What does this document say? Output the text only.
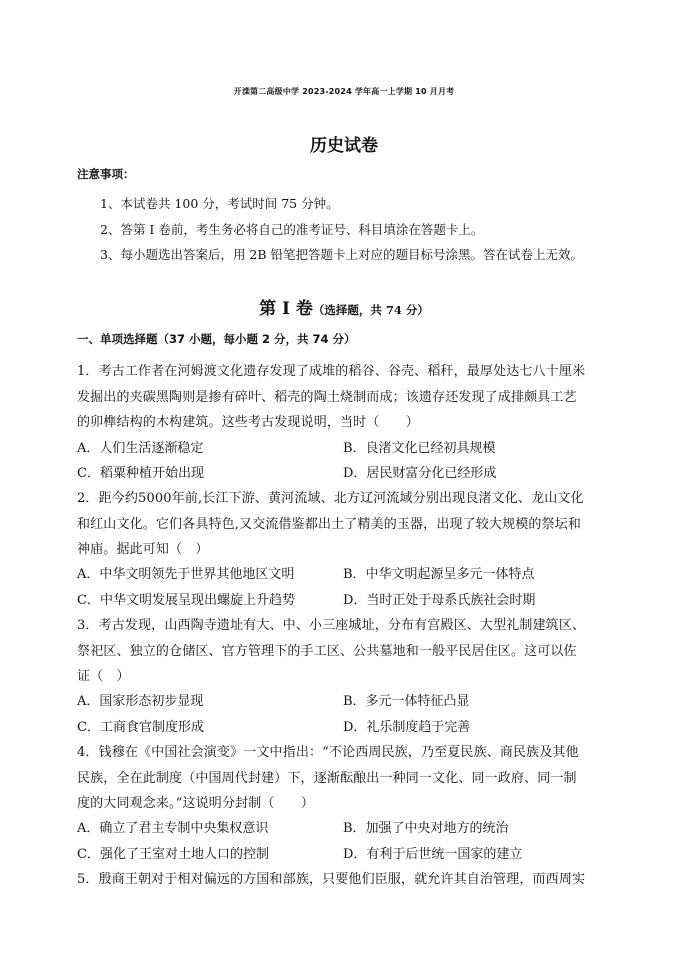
开滦第二高级中学 2023-2024 学年高一上学期 10 月月考
历史试卷
注意事项：
1、本试卷共 100 分，考试时间 75 分钟。
2、答第 I 卷前，考生务必将自己的准考证号、科目填涂在答题卡上。
3、每小题选出答案后，用 2B 铅笔把答题卡上对应的题目标号涂黑。答在试卷上无效。
第 I 卷（选择题，共 74 分）
一、单项选择题（37 小题，每小题 2 分，共 74 分）
1．考古工作者在河姆渡文化遗存发现了成堆的稻谷、谷壳、稻秆，最厚处达七八十厘米
发掘出的夹碳黑陶则是掺有碎叶、稻壳的陶土烧制而成；该遗存还发现了成排颇具工艺
的卯榫结构的木构建筑。这些考古发现说明，当时（　　）
A．人们生活逐渐稳定	B．良渚文化已经初具规模
C．稻粟种植开始出现	D．居民财富分化已经形成
2．距今约5000年前,长江下游、黄河流域、北方辽河流域分别出现良渚文化、龙山文化
和红山文化。它们各具特色,又交流借鉴都出土了精美的玉器，出现了较大规模的祭坛和
神庙。据此可知（　）
A．中华文明领先于世界其他地区文明	B．中华文明起源呈多元一体特点
C．中华文明发展呈现出螺旋上升趋势	D．当时正处于母系氏族社会时期
3．考古发现，山西陶寺遗址有大、中、小三座城址，分布有宫殿区、大型礼制建筑区、
祭祀区、独立的仓储区、官方管理下的手工区、公共墓地和一般平民居住区。这可以佐
证（　）
A．国家形态初步显现	B．多元一体特征凸显
C．工商食官制度形成	D．礼乐制度趋于完善
4．钱穆在《中国社会演变》一文中指出：“不论西周民族，乃至夏民族、商民族及其他
民族，全在此制度（中国周代封建）下，逐渐酝酿出一种同一文化、同一政府、同一制
度的大同观念来。”这说明分封制（　　）
A．确立了君主专制中央集权意识	B．加强了中央对地方的统治
C．强化了王室对土地人口的控制	D．有利于后世统一国家的建立
5．殷商王朝对于相对偏远的方国和部族，只要他们臣服，就允许其自治管理，而西周实
